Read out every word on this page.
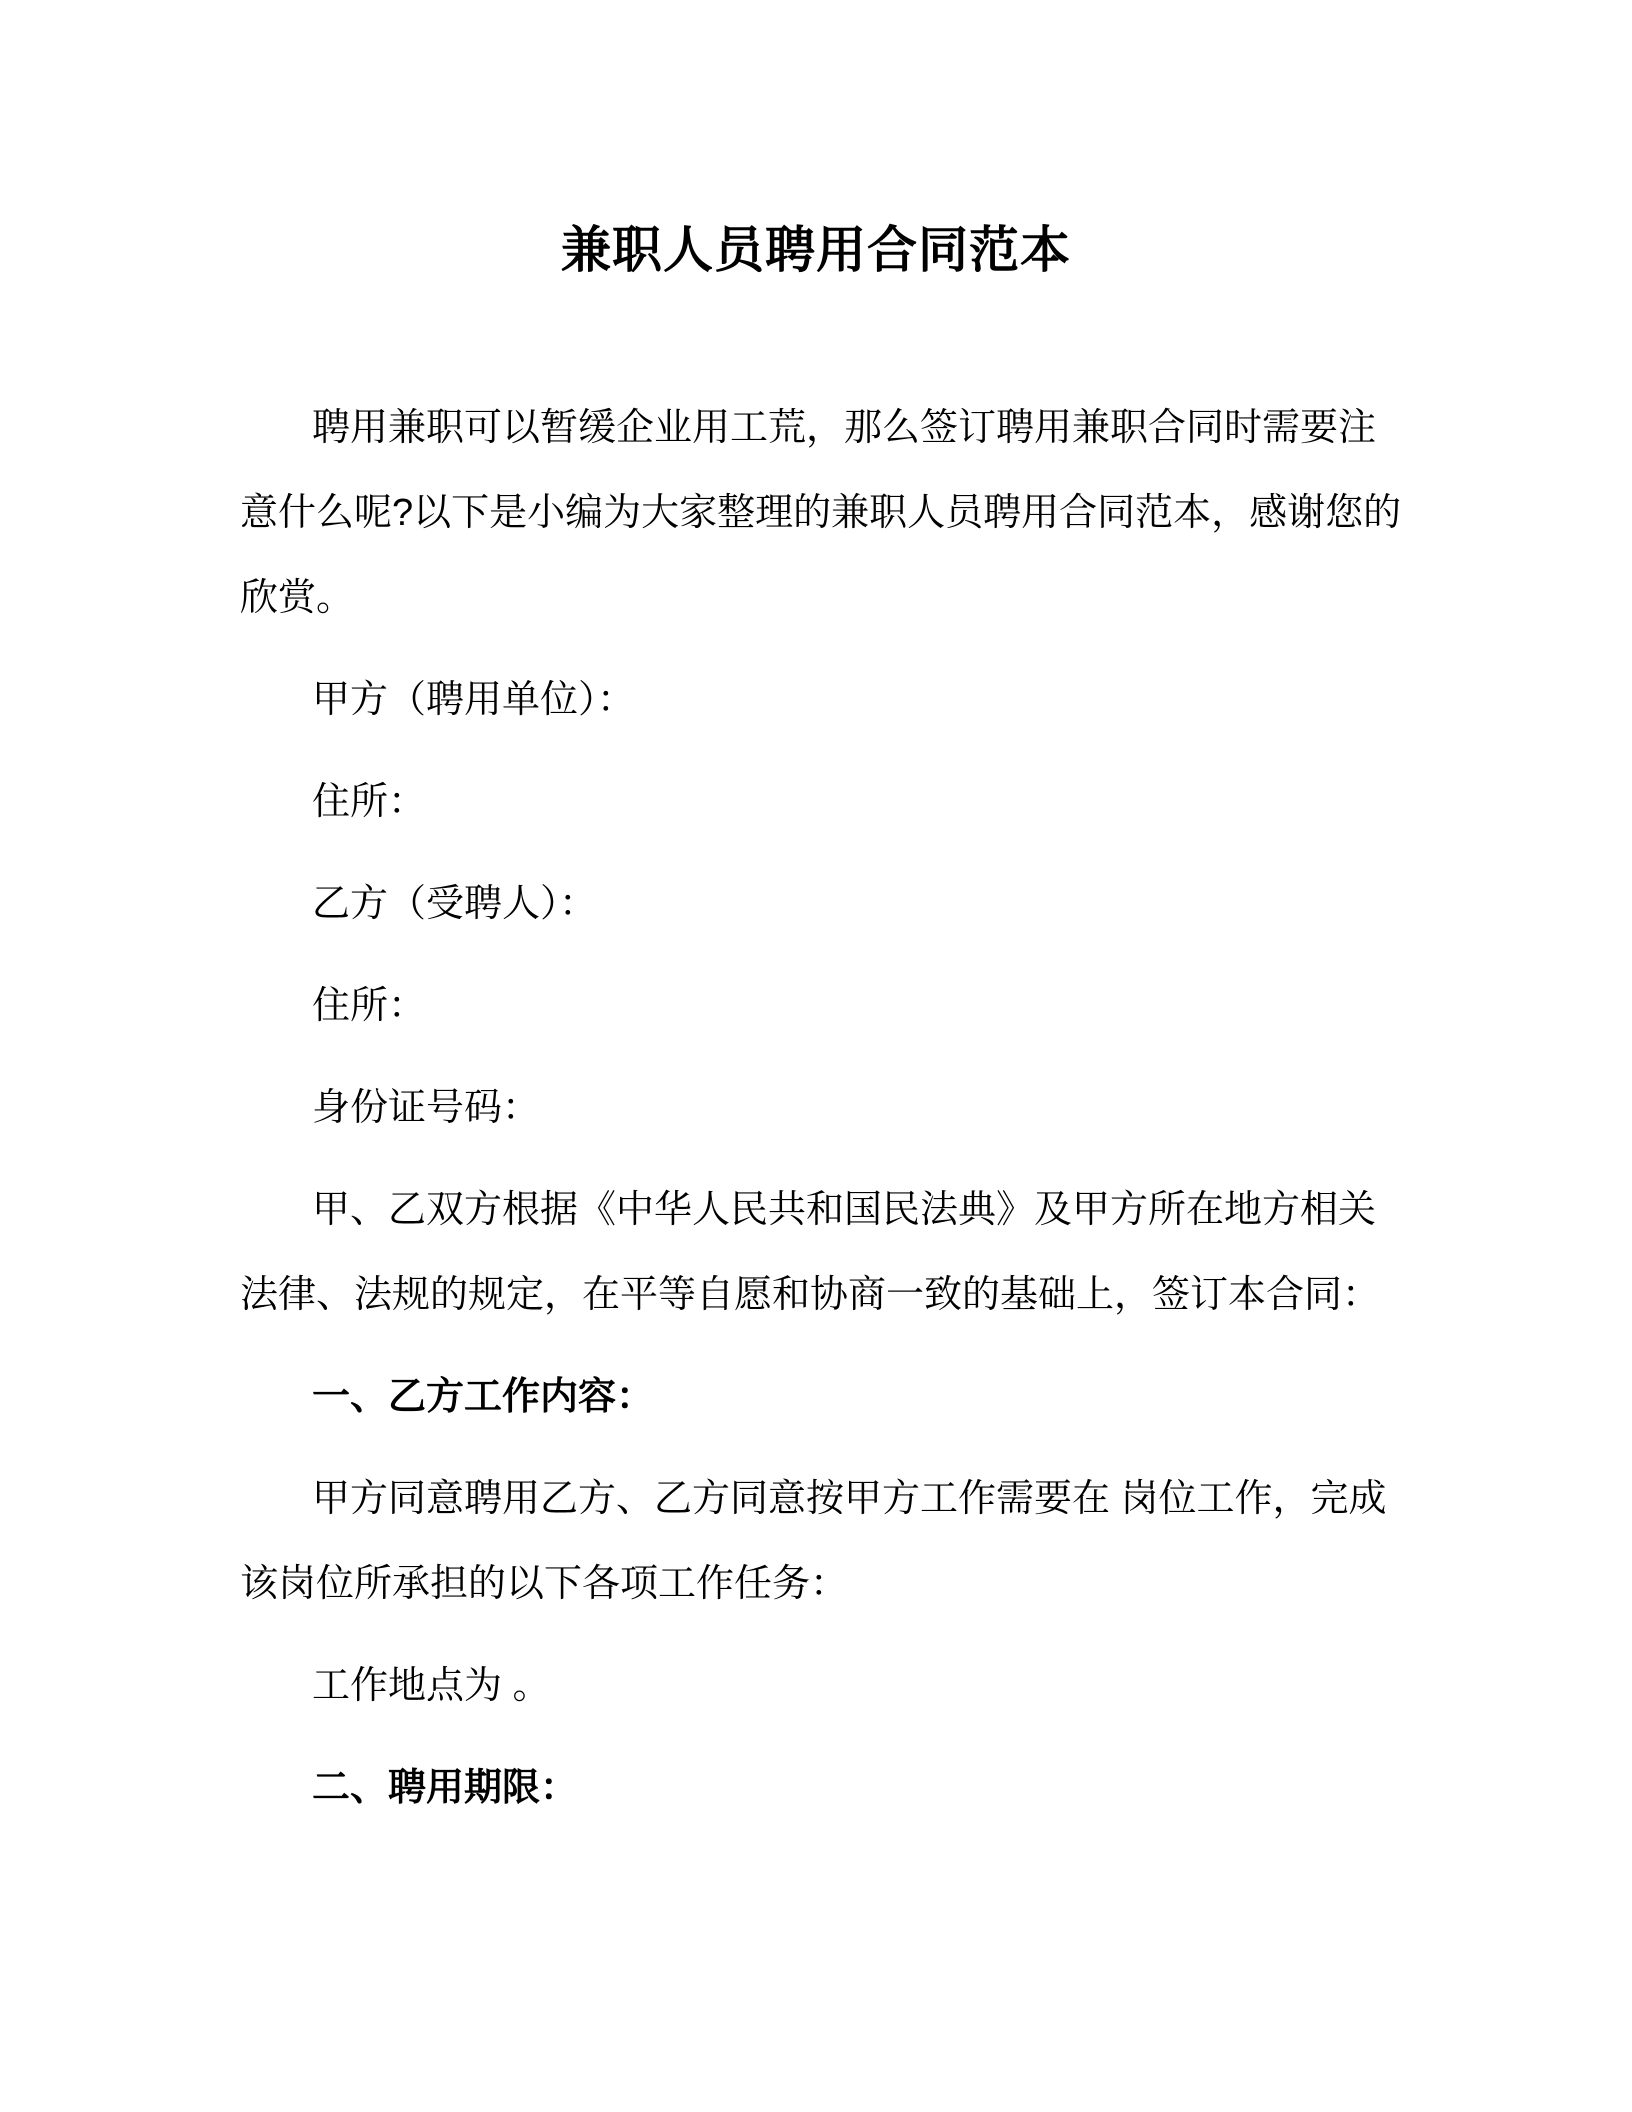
兼职人员聘用合同范本
聘用兼职可以暂缓企业用工荒，那么签订聘用兼职合同时需要注
意什么呢?以下是小编为大家整理的兼职人员聘用合同范本，感谢您的
欣赏。
甲方（聘用单位）：
住所：
乙方（受聘人）：
住所：
身份证号码：
甲、乙双方根据《中华人民共和国民法典》及甲方所在地方相关
法律、法规的规定，在平等自愿和协商一致的基础上，签订本合同：
一、乙方工作内容：
甲方同意聘用乙方、乙方同意按甲方工作需要在 岗位工作，完成
该岗位所承担的以下各项工作任务：
工作地点为 。
二、聘用期限：
